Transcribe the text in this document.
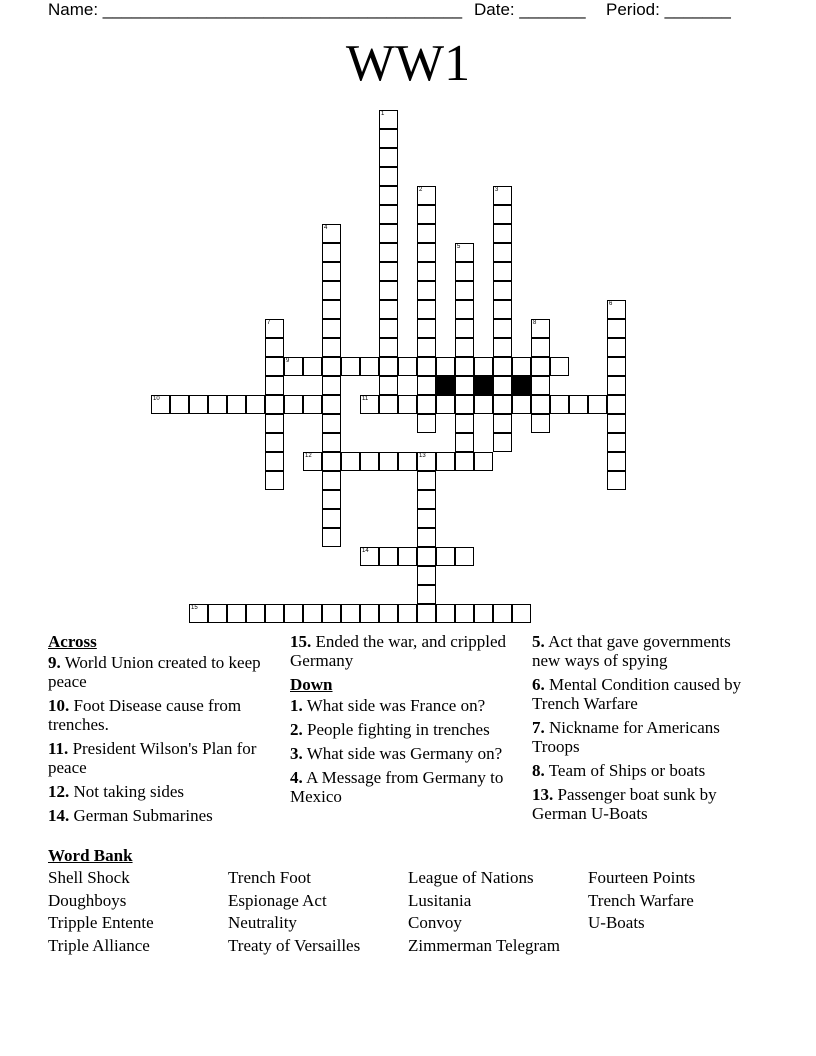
Name: ______________________________________ Date: _______ Period: _______
WW1
1
2	3
4
5
6
7	8
9
10	11
12	13
14
15
Across
9. World Union created to keep peace
10. Foot Disease cause from trenches.
11. President Wilson's Plan for peace
12. Not taking sides
14. German Submarines
15. Ended the war, and crippled Germany
Down
1. What side was France on?
2. People fighting in trenches
3. What side was Germany on?
4. A Message from Germany to Mexico
5. Act that gave governments new ways of spying
6. Mental Condition caused by Trench Warfare
7. Nickname for Americans Troops
8. Team of Ships or boats
13. Passenger boat sunk by German U-Boats
Word Bank
Shell Shock
Doughboys
Tripple Entente
Triple Alliance
Trench Foot
Espionage Act
Neutrality
Treaty of Versailles
League of Nations
Lusitania
Convoy
Zimmerman Telegram
Fourteen Points
Trench Warfare
U-Boats
